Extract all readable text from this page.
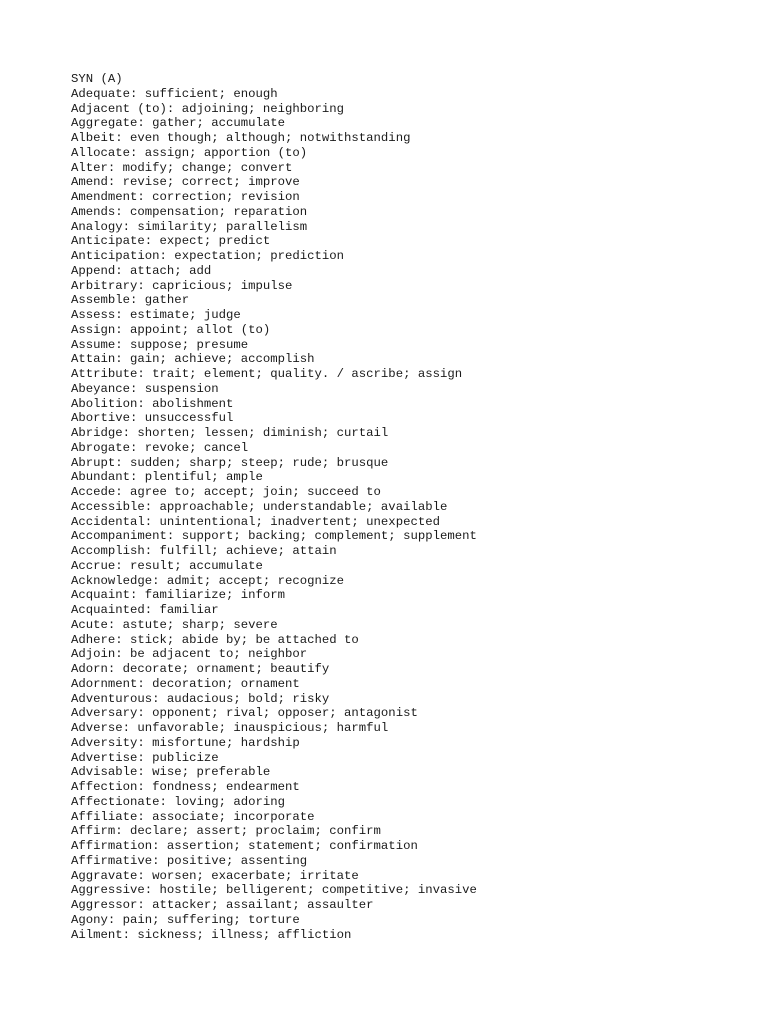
SYN (A)
Adequate: sufficient; enough
Adjacent (to): adjoining; neighboring
Aggregate: gather; accumulate
Albeit: even though; although; notwithstanding
Allocate: assign; apportion (to)
Alter: modify; change; convert
Amend: revise; correct; improve
Amendment: correction; revision
Amends: compensation; reparation
Analogy: similarity; parallelism
Anticipate: expect; predict
Anticipation: expectation; prediction
Append: attach; add
Arbitrary: capricious; impulse
Assemble: gather
Assess: estimate; judge
Assign: appoint; allot (to)
Assume: suppose; presume
Attain: gain; achieve; accomplish
Attribute: trait; element; quality. / ascribe; assign
Abeyance: suspension
Abolition: abolishment
Abortive: unsuccessful
Abridge: shorten; lessen; diminish; curtail
Abrogate: revoke; cancel
Abrupt: sudden; sharp; steep; rude; brusque
Abundant: plentiful; ample
Accede: agree to; accept; join; succeed to
Accessible: approachable; understandable; available
Accidental: unintentional; inadvertent; unexpected
Accompaniment: support; backing; complement; supplement
Accomplish: fulfill; achieve; attain
Accrue: result; accumulate
Acknowledge: admit; accept; recognize
Acquaint: familiarize; inform
Acquainted: familiar
Acute: astute; sharp; severe
Adhere: stick; abide by; be attached to
Adjoin: be adjacent to; neighbor
Adorn: decorate; ornament; beautify
Adornment: decoration; ornament
Adventurous: audacious; bold; risky
Adversary: opponent; rival; opposer; antagonist
Adverse: unfavorable; inauspicious; harmful
Adversity: misfortune; hardship
Advertise: publicize
Advisable: wise; preferable
Affection: fondness; endearment
Affectionate: loving; adoring
Affiliate: associate; incorporate
Affirm: declare; assert; proclaim; confirm
Affirmation: assertion; statement; confirmation
Affirmative: positive; assenting
Aggravate: worsen; exacerbate; irritate
Aggressive: hostile; belligerent; competitive; invasive
Aggressor: attacker; assailant; assaulter
Agony: pain; suffering; torture
Ailment: sickness; illness; affliction
